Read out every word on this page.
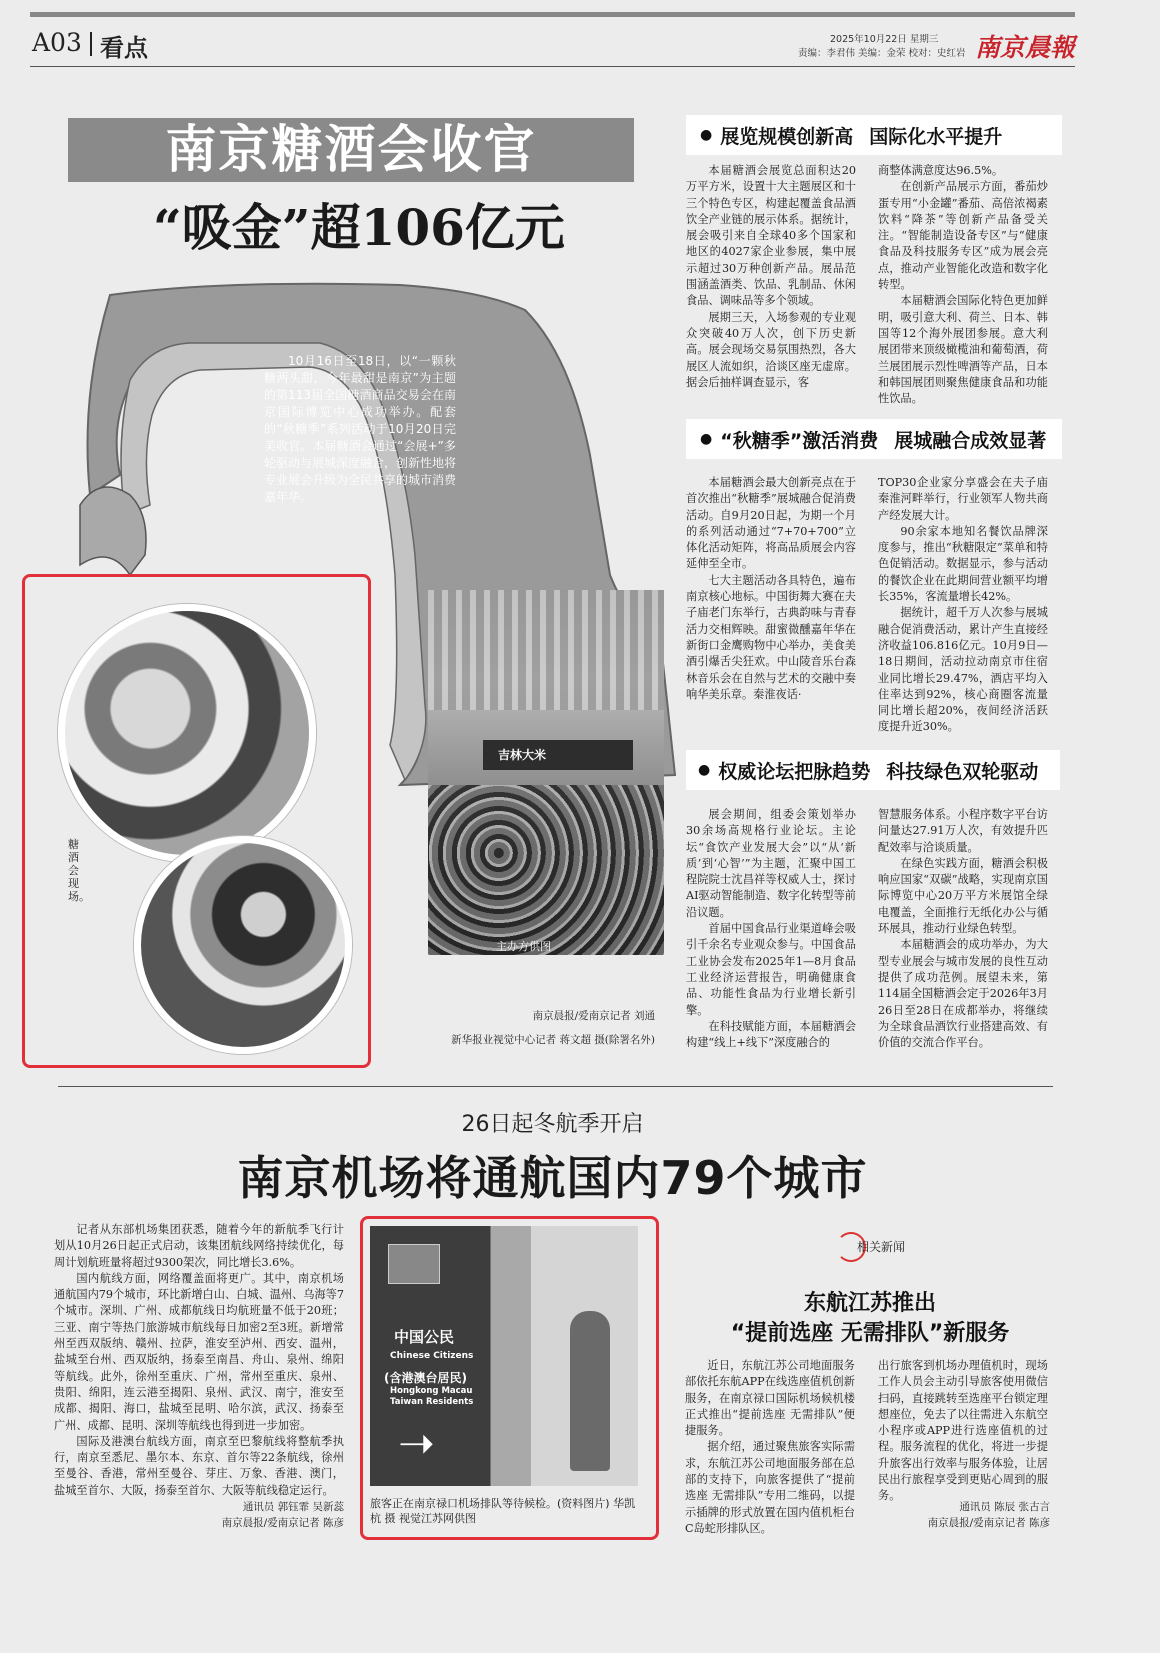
A03 看点	2025年10月22日 星期三
责编：李君伟 美编：金荣 校对：史红岩 南京晨報
南京糖酒会收官
“吸金”超106亿元
10月16日至18日，以“一颗秋糖两头甜，今年最甜是南京”为主题的第113届全国糖酒商品交易会在南京国际博览中心成功举办。配套的“秋糖季”系列活动于10月20日完美收官。本届糖酒会通过“会展+”多轮驱动与展城深度融合，创新性地将专业展会升级为全民共享的城市消费嘉年华。
吉林大米
主办方供图
糖酒会现场。
南京晨报/爱南京记者 刘通
新华报业视觉中心记者 蒋文超 摄(除署名外)
● 展览规模创新高 国际化水平提升

本届糖酒会展览总面积达20万平方米，设置十大主题展区和十三个特色专区，构建起覆盖食品酒饮全产业链的展示体系。据统计，展会吸引来自全球40多个国家和地区的4027家企业参展，集中展示超过30万种创新产品。展品范围涵盖酒类、饮品、乳制品、休闲食品、调味品等多个领域。

展期三天，入场参观的专业观众突破40万人次，创下历史新高。展会现场交易氛围热烈，各大展区人流如织，洽谈区座无虚席。据会后抽样调查显示，客

商整体满意度达96.5%。

在创新产品展示方面，番茄炒蛋专用“小金罐”番茄、高倍浓褐素饮料“降茶”等创新产品备受关注。“智能制造设备专区”与“健康食品及科技服务专区”成为展会亮点，推动产业智能化改造和数字化转型。

本届糖酒会国际化特色更加鲜明，吸引意大利、荷兰、日本、韩国等12个海外展团参展。意大利展团带来顶级橄榄油和葡萄酒，荷兰展团展示烈性啤酒等产品，日本和韩国展团则聚焦健康食品和功能性饮品。

● “秋糖季”激活消费 展城融合成效显著

本届糖酒会最大创新亮点在于首次推出“秋糖季”展城融合促消费活动。自9月20日起，为期一个月的系列活动通过“7+70+700”立体化活动矩阵，将高品质展会内容延伸至全市。

七大主题活动各具特色，遍布南京核心地标。中国街舞大赛在夫子庙老门东举行，古典韵味与青春活力交相辉映。甜蜜微醺嘉年华在新街口金鹰购物中心举办，美食美酒引爆舌尖狂欢。中山陵音乐台森林音乐会在自然与艺术的交融中奏响华美乐章。秦淮夜话·

TOP30企业家分享盛会在夫子庙秦淮河畔举行，行业领军人物共商产经发展大计。

90余家本地知名餐饮品牌深度参与，推出“秋糖限定”菜单和特色促销活动。数据显示，参与活动的餐饮企业在此期间营业额平均增长35%，客流量增长42%。

据统计，超千万人次参与展城融合促消费活动，累计产生直接经济收益106.816亿元。10月9日—18日期间，活动拉动南京市住宿业同比增长29.47%，酒店平均入住率达到92%，核心商圈客流量同比增长超20%，夜间经济活跃度提升近30%。

● 权威论坛把脉趋势 科技绿色双轮驱动

展会期间，组委会策划举办30余场高规格行业论坛。主论坛“食饮产业发展大会”以“从‘新质’到‘心智’”为主题，汇聚中国工程院院士沈昌祥等权威人士，探讨AI驱动智能制造、数字化转型等前沿议题。

首届中国食品行业渠道峰会吸引千余名专业观众参与。中国食品工业协会发布2025年1—8月食品工业经济运营报告，明确健康食品、功能性食品为行业增长新引擎。

在科技赋能方面，本届糖酒会构建“线上+线下”深度融合的

智慧服务体系。小程序数字平台访问量达27.91万人次，有效提升匹配效率与洽谈质量。

在绿色实践方面，糖酒会积极响应国家“双碳”战略，实现南京国际博览中心20万平方米展馆全绿电覆盖，全面推行无纸化办公与循环展具，推动行业绿色转型。

本届糖酒会的成功举办，为大型专业展会与城市发展的良性互动提供了成功范例。展望未来，第114届全国糖酒会定于2026年3月26日至28日在成都举办，将继续为全球食品酒饮行业搭建高效、有价值的交流合作平台。

26日起冬航季开启
南京机场将通航国内79个城市

记者从东部机场集团获悉，随着今年的新航季飞行计划从10月26日起正式启动，该集团航线网络持续优化，每周计划航班量将超过9300架次，同比增长3.6%。

国内航线方面，网络覆盖面将更广。其中，南京机场通航国内79个城市，环比新增白山、白城、温州、乌海等7个城市。深圳、广州、成都航线日均航班量不低于20班；三亚、南宁等热门旅游城市航线每日加密2至3班。新增常州至西双版纳、赣州、拉萨，淮安至泸州、西安、温州，盐城至台州、西双版纳，扬泰至南昌、舟山、泉州、绵阳等航线。此外，徐州至重庆、广州，常州至重庆、泉州、贵阳、绵阳，连云港至揭阳、泉州、武汉、南宁，淮安至成都、揭阳、海口，盐城至昆明、哈尔滨，武汉、扬泰至广州、成都、昆明、深圳等航线也得到进一步加密。

国际及港澳台航线方面，南京至巴黎航线将整航季执行，南京至悉尼、墨尔本、东京、首尔等22条航线，徐州至曼谷、香港，常州至曼谷、芽庄、万象、香港、澳门，盐城至首尔、大阪，扬泰至首尔、大阪等航线稳定运行。

通讯员 郭钰霏 吴新蕊
南京晨报/爱南京记者 陈彦
中国公民
Chinese Citizens
(含港澳台居民)
Hongkong Macau Taiwan Residents
➝
旅客正在南京禄口机场排队等待候检。(资料图片) 华凯杭 摄 视觉江苏网供图
相关新闻
东航江苏推出
“提前选座 无需排队”新服务

近日，东航江苏公司地面服务部依托东航APP在线选座值机创新服务，在南京禄口国际机场候机楼正式推出“提前选座 无需排队”便捷服务。

据介绍，通过聚焦旅客实际需求，东航江苏公司地面服务部在总部的支持下，向旅客提供了“提前选座 无需排队”专用二维码，以提示插牌的形式放置在国内值机柜台C岛蛇形排队区。

出行旅客到机场办理值机时，现场工作人员会主动引导旅客使用微信扫码，直接跳转至选座平台锁定理想座位，免去了以往需进入东航空小程序或APP进行选座值机的过程。服务流程的优化，将进一步提升旅客出行效率与服务体验，让居民出行旅程享受到更贴心周到的服务。

通讯员 陈辰 张古言
南京晨报/爱南京记者 陈彦
